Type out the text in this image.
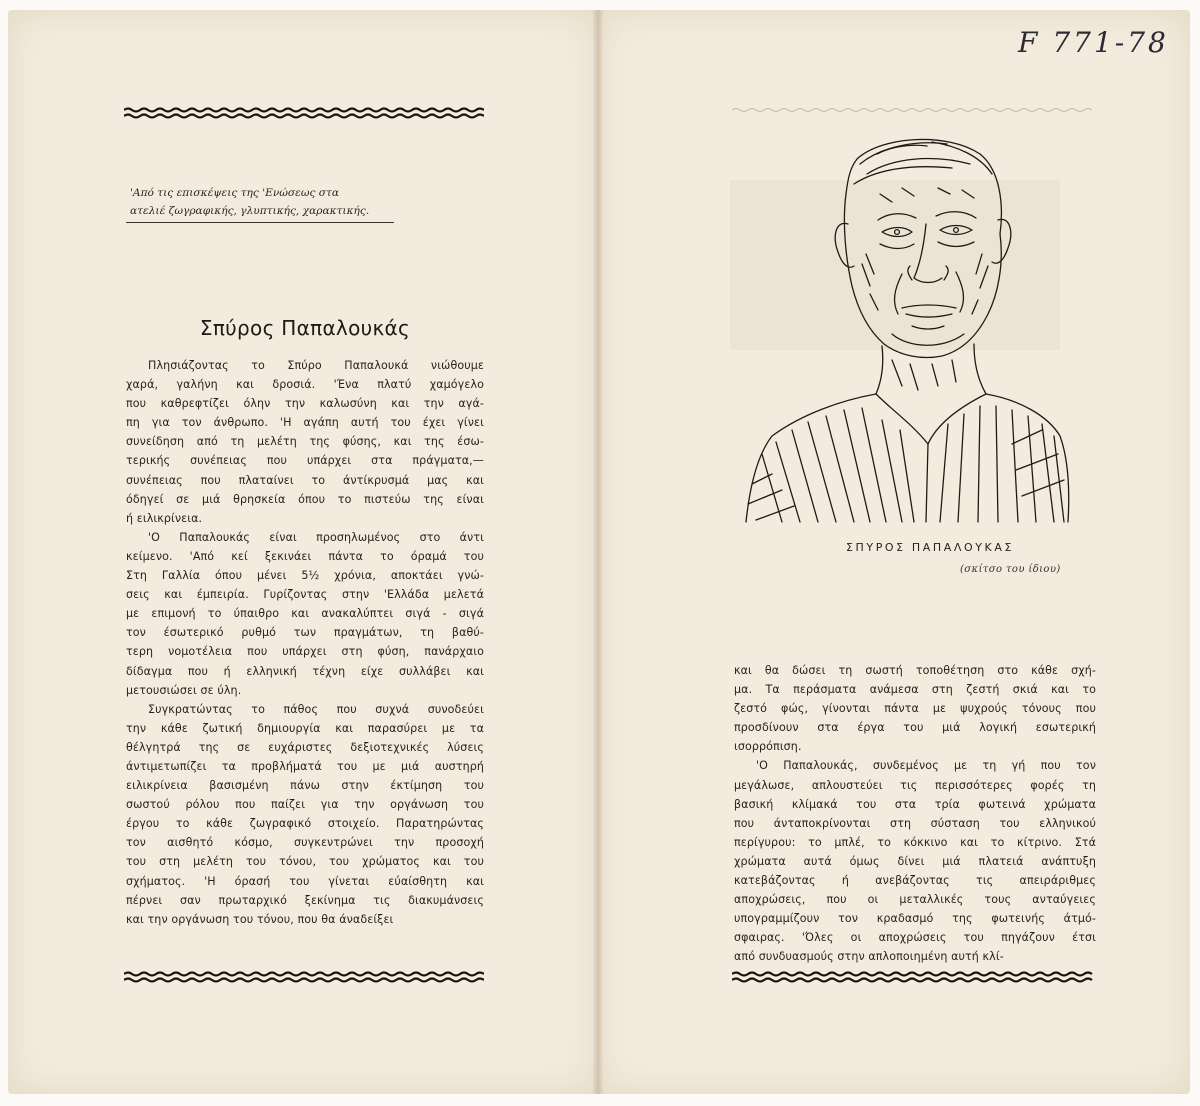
F 771-78
'Από τις επισκέψεις της 'Ενώσεως στα
ατελιέ ζωγραφικής, γλυπτικής, χαρακτικής.
Σπύρος Παπαλουκάς
Πλησιάζοντας το Σπύρο Παπαλουκά νιώθουμε
χαρά, γαλήνη και δροσιά. 'Ένα πλατύ χαμόγελο
που καθρεφτίζει όλην την καλωσύνη και την αγά-
πη για τον άνθρωπο. 'Η αγάπη αυτή του έχει γίνει
συνείδηση από τη μελέτη της φύσης, και της έσω-
τερικής συνέπειας που υπάρχει στα πράγματα,—
συνέπειας που πλαταίνει το άντίκρυσμά μας και
όδηγεί σε μιά θρησκεία όπου το πιστεύω της είναι
ή ειλικρίνεια.
'Ο Παπαλουκάς είναι προσηλωμένος στο άντι
κείμενο. 'Από κεί ξεκινάει πάντα το όραμά του
Στη Γαλλία όπου μένει 5½ χρόνια, αποκτάει γνώ-
σεις και έμπειρία. Γυρίζοντας στην 'Ελλάδα μελετά
με επιμονή το ύπαιθρο και ανακαλύπτει σιγά - σιγά
τον έσωτερικό ρυθμό των πραγμάτων, τη βαθύ-
τερη νομοτέλεια που υπάρχει στη φύση, πανάρχαιο
δίδαγμα που ή ελληνική τέχνη είχε συλλάβει και
μετουσιώσει σε ύλη.
Συγκρατώντας το πάθος που συχνά συνοδεύει
την κάθε ζωτική δημιουργία και παρασύρει με τα
θέλγητρά της σε ευχάριστες δεξιοτεχνικές λύσεις
άντιμετωπίζει τα προβλήματά του με μιά αυστηρή
ειλικρίνεια βασισμένη πάνω στην έκτίμηση του
σωστού ρόλου που παίζει για την οργάνωση του
έργου το κάθε ζωγραφικό στοιχείο. Παρατηρώντας
τον αισθητό κόσμο, συγκεντρώνει την προσοχή
του στη μελέτη του τόνου, του χρώματος και του
σχήματος. 'Η όρασή του γίνεται εύαίσθητη και
πέρνει σαν πρωταρχικό ξεκίνημα τις διακυμάνσεις
και την οργάνωση του τόνου, που θα άναδείξει
ΣΠΥΡΟΣ ΠΑΠΑΛΟΥΚΑΣ
(σκίτσο του ίδιου)
και θα δώσει τη σωστή τοποθέτηση στο κάθε σχή-
μα. Τα περάσματα ανάμεσα στη ζεστή σκιά και το
ζεστό φώς, γίνονται πάντα με ψυχρούς τόνους που
προσδίνουν στα έργα του μιά λογική εσωτερική
ισορρόπιση.
'Ο Παπαλουκάς, συνδεμένος με τη γή που τον
μεγάλωσε, απλουστεύει τις περισσότερες φορές τη
βασική κλίμακά του στα τρία φωτεινά χρώματα
που άνταποκρίνονται στη σύσταση του ελληνικού
περίγυρου: το μπλέ, το κόκκινο και το κίτρινο. Στά
χρώματα αυτά όμως δίνει μιά πλατειά ανάπτυξη
κατεβάζοντας ή ανεβάζοντας τις απειράριθμες
αποχρώσεις, που οι μεταλλικές τους ανταύγειες
υπογραμμίζουν τον κραδασμό της φωτεινής άτμό-
σφαιρας. 'Όλες οι αποχρώσεις του πηγάζουν έτσι
από συνδυασμούς στην απλοποιημένη αυτή κλί-
